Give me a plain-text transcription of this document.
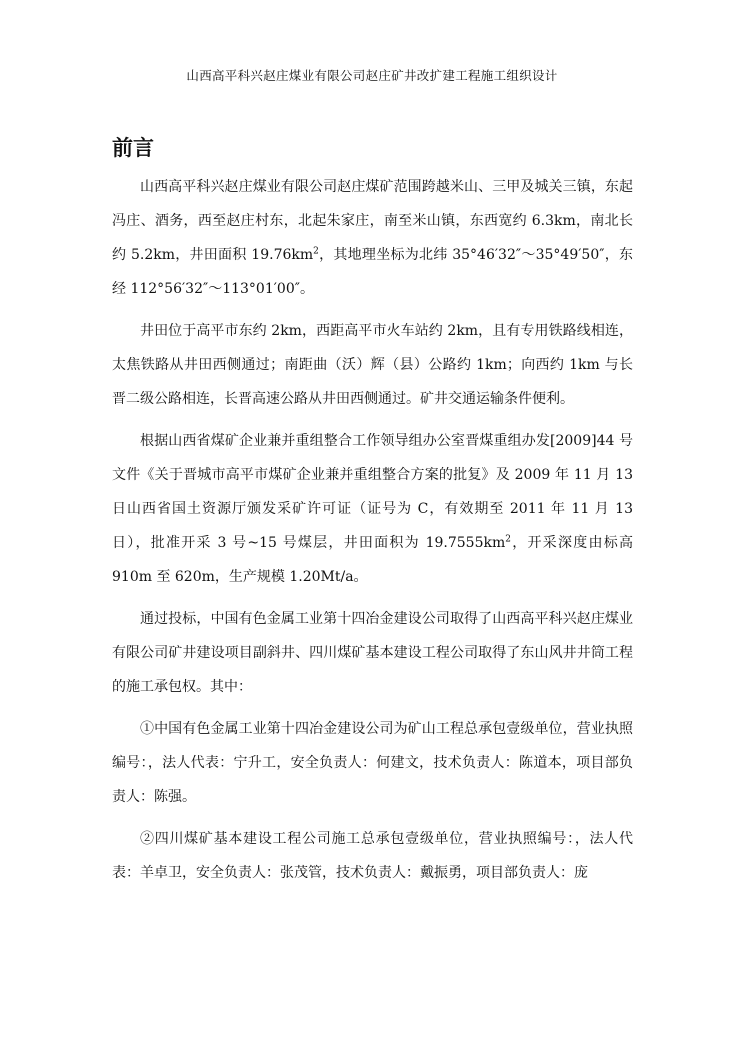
山西高平科兴赵庄煤业有限公司赵庄矿井改扩建工程施工组织设计
前言

山西高平科兴赵庄煤业有限公司赵庄煤矿范围跨越米山、三甲及城关三镇，东起冯庄、酒务，西至赵庄村东，北起朱家庄，南至米山镇，东西宽约 6.3km，南北长约 5.2km，井田面积 $19.76km^2$，其地理坐标为北纬 35°46′32″～35°49′50″，东经 112°56′32″～113°01′00″。

井田位于高平市东约 2km，西距高平市火车站约 2km，且有专用铁路线相连，太焦铁路从井田西侧通过；南距曲（沃）辉（县）公路约 1km；向西约 1km 与长晋二级公路相连，长晋高速公路从井田西侧通过。矿井交通运输条件便利。

根据山西省煤矿企业兼并重组整合工作领导组办公室晋煤重组办发[2009]44 号文件《关于晋城市高平市煤矿企业兼并重组整合方案的批复》及 2009 年 11 月 13 日山西省国土资源厅颁发采矿许可证（证号为 C，有效期至 2011 年 11 月 13 日），批准开采 3 号~15 号煤层，井田面积为 $19.7555km^2$，开采深度由标高 910m 至 620m，生产规模 1.20Mt/a。

通过投标，中国有色金属工业第十四冶金建设公司取得了山西高平科兴赵庄煤业有限公司矿井建设项目副斜井、四川煤矿基本建设工程公司取得了东山风井井筒工程的施工承包权。其中：

①中国有色金属工业第十四冶金建设公司为矿山工程总承包壹级单位，营业执照编号：，法人代表：宁升工，安全负责人：何建文，技术负责人：陈道本，项目部负责人：陈强。

②四川煤矿基本建设工程公司施工总承包壹级单位，营业执照编号：，法人代表：羊卓卫，安全负责人：张茂管，技术负责人：戴振勇，项目部负责人：庞
